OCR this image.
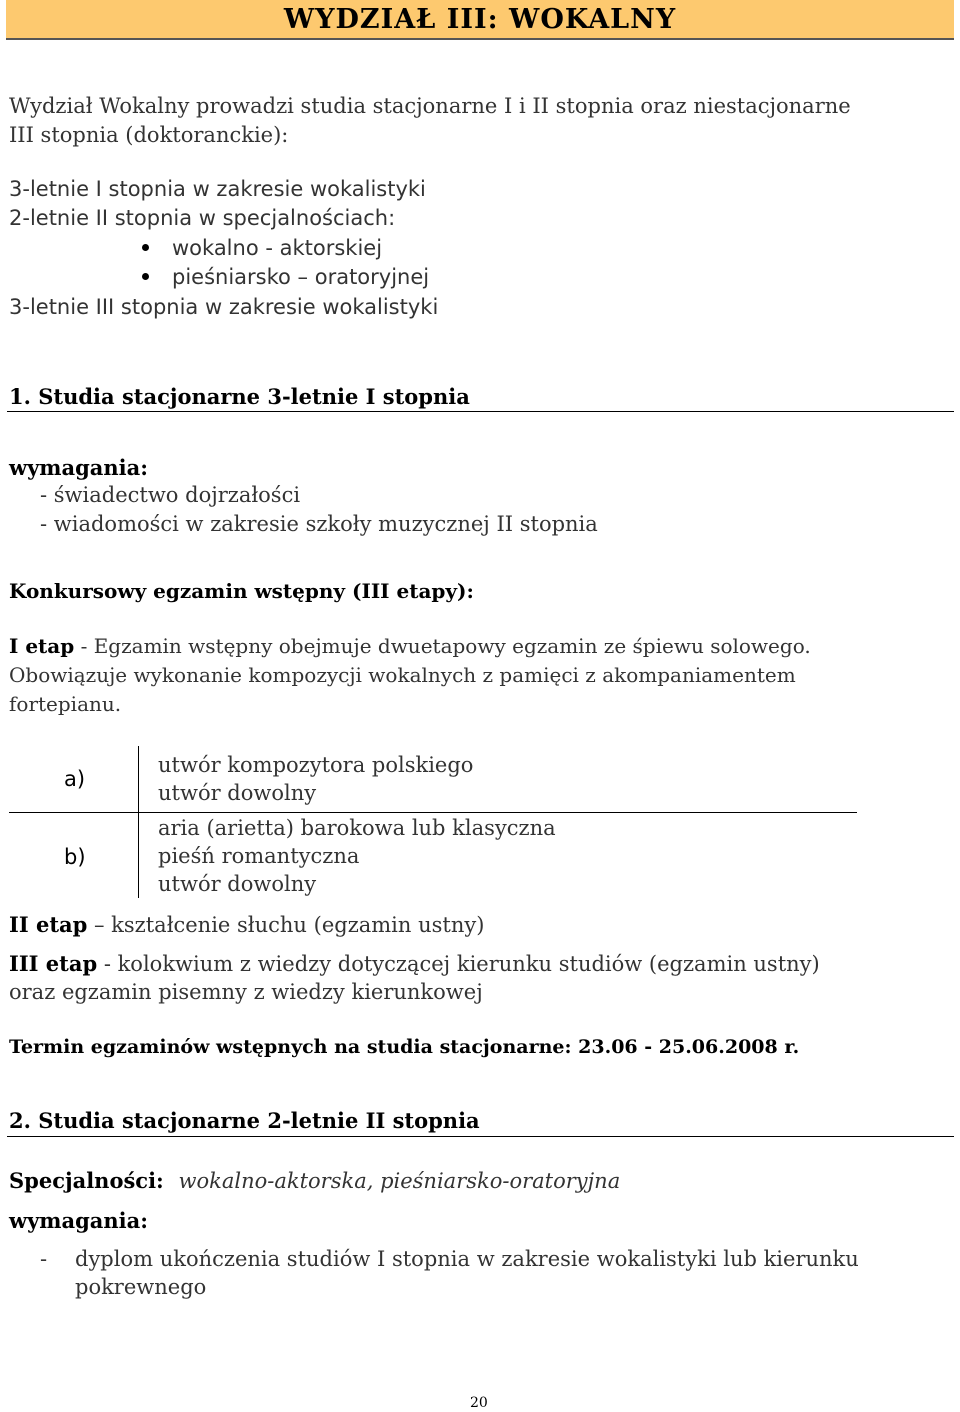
WYDZIAŁ III: WOKALNY
Wydział Wokalny prowadzi studia stacjonarne I i II stopnia oraz niestacjonarne
III stopnia (doktoranckie):
3-letnie I stopnia w zakresie wokalistyki
2-letnie II stopnia w specjalnościach:
wokalno - aktorskiej
pieśniarsko – oratoryjnej
3-letnie III stopnia w zakresie wokalistyki
1. Studia stacjonarne 3-letnie I stopnia
wymagania:
- świadectwo dojrzałości
- wiadomości w zakresie szkoły muzycznej II stopnia
Konkursowy egzamin wstępny (III etapy):
I etap - Egzamin wstępny obejmuje dwuetapowy egzamin ze śpiewu solowego.
Obowiązuje wykonanie kompozycji wokalnych z pamięci z akompaniamentem
fortepianu.
a)
utwór kompozytora polskiego
utwór dowolny
b)
aria (arietta) barokowa lub klasyczna
pieśń romantyczna
utwór dowolny
II etap – kształcenie słuchu (egzamin ustny)
III etap - kolokwium z wiedzy dotyczącej kierunku studiów (egzamin ustny)
oraz egzamin pisemny z wiedzy kierunkowej
Termin egzaminów wstępnych na studia stacjonarne: 23.06 - 25.06.2008 r.
2. Studia stacjonarne 2-letnie II stopnia
Specjalności: wokalno-aktorska, pieśniarsko-oratoryjna
wymagania:
- dyplom ukończenia studiów I stopnia w zakresie wokalistyki lub kierunku
pokrewnego
20
